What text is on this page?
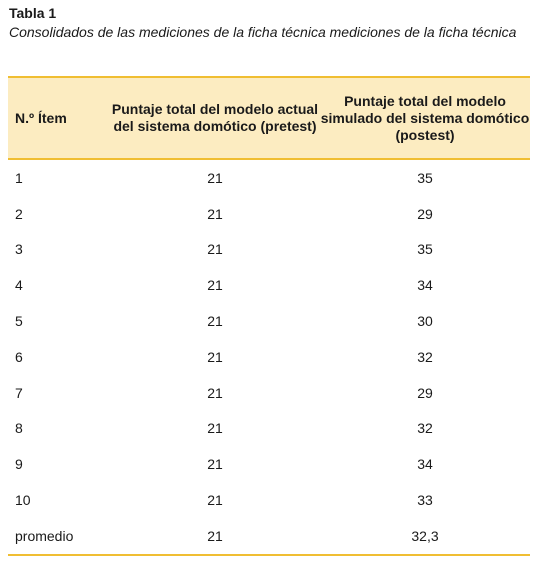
Tabla 1
Consolidados de las mediciones de la ficha técnica mediciones de la ficha técnica
N.º Ítem	Puntaje total del modelo actual del sistema domótico (pretest)	Puntaje total del modelo simulado del sistema domótico (postest)
1	21	35
2	21	29
3	21	35
4	21	34
5	21	30
6	21	32
7	21	29
8	21	32
9	21	34
10	21	33
promedio	21	32,3
